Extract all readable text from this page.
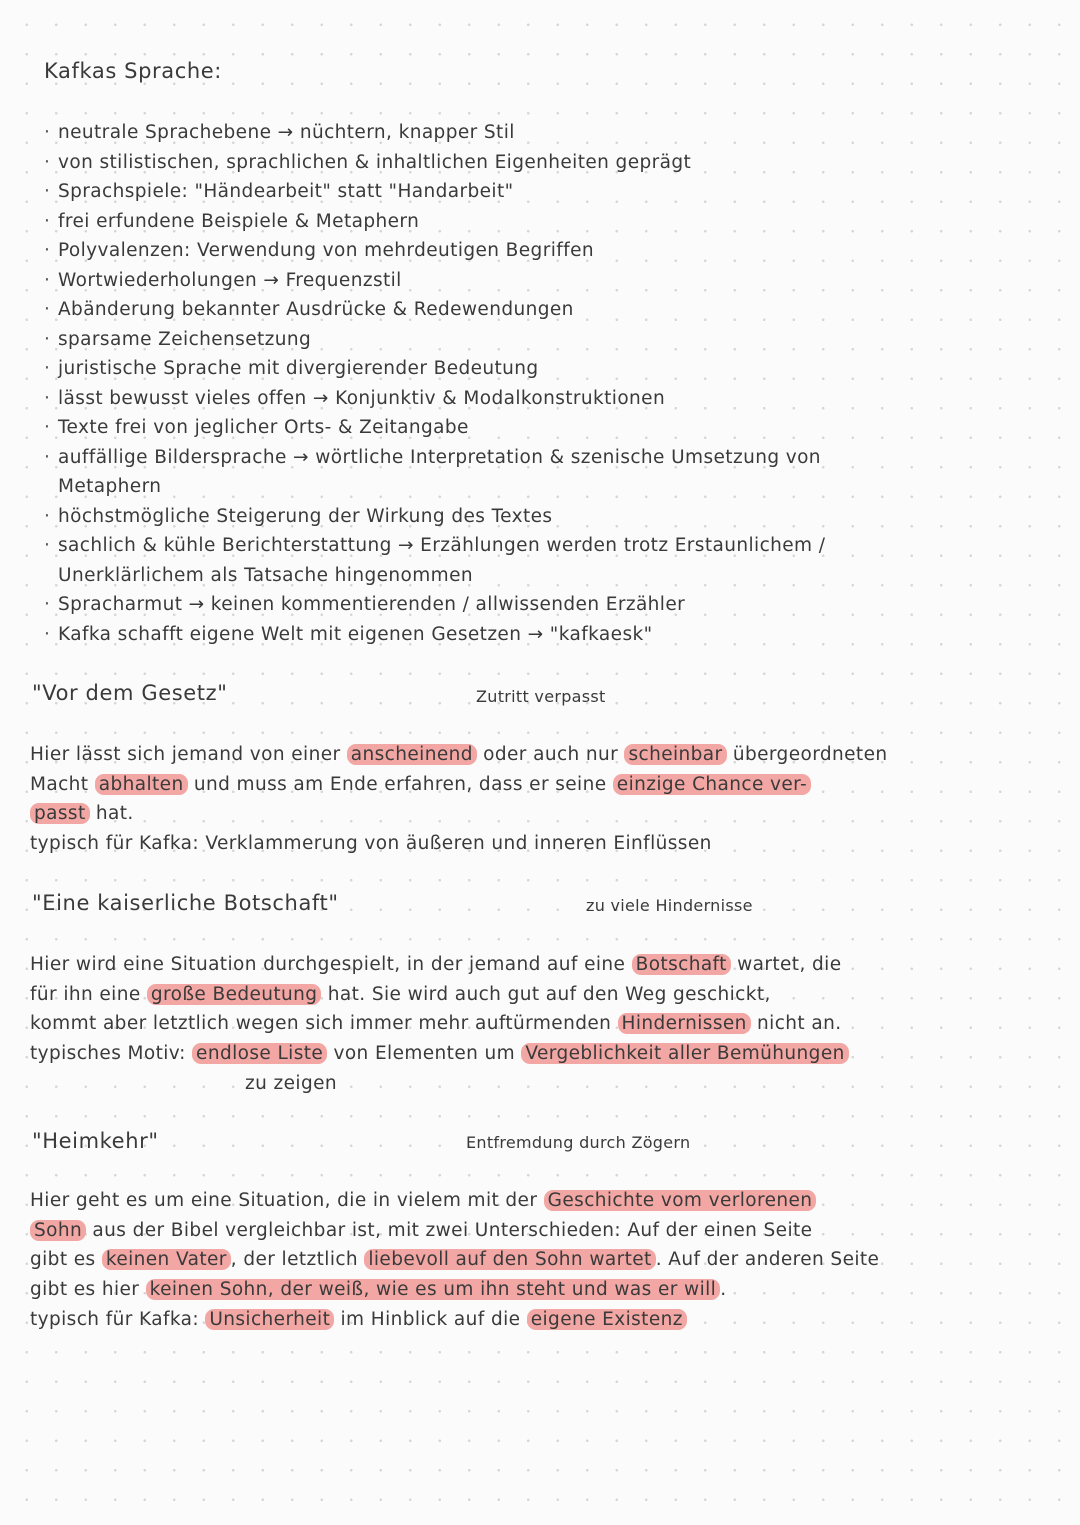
Kafkas Sprache:
· neutrale Sprachebene → nüchtern, knapper Stil
· von stilistischen, sprachlichen & inhaltlichen Eigenheiten geprägt
· Sprachspiele: "Händearbeit" statt "Handarbeit"
· frei erfundene Beispiele & Metaphern
· Polyvalenzen: Verwendung von mehrdeutigen Begriffen
· Wortwiederholungen → Frequenzstil
· Abänderung bekannter Ausdrücke & Redewendungen
· sparsame Zeichensetzung
· juristische Sprache mit divergierender Bedeutung
· lässt bewusst vieles offen → Konjunktiv & Modalkonstruktionen
· Texte frei von jeglicher Orts- & Zeitangabe
· auffällige Bildersprache → wörtliche Interpretation & szenische Umsetzung von
Metaphern
· höchstmögliche Steigerung der Wirkung des Textes
· sachlich & kühle Berichterstattung → Erzählungen werden trotz Erstaunlichem /
Unerklärlichem als Tatsache hingenommen
· Spracharmut → keinen kommentierenden / allwissenden Erzähler
· Kafka schafft eigene Welt mit eigenen Gesetzen → "kafkaesk"
"Vor dem Gesetz"	Zutritt verpasst
Hier lässt sich jemand von einer anscheinend oder auch nur scheinbar übergeordneten
Macht abhalten und muss am Ende erfahren, dass er seine einzige Chance ver-
passt hat.
typisch für Kafka: Verklammerung von äußeren und inneren Einflüssen
"Eine kaiserliche Botschaft"	zu viele Hindernisse
Hier wird eine Situation durchgespielt, in der jemand auf eine Botschaft wartet, die
für ihn eine große Bedeutung hat. Sie wird auch gut auf den Weg geschickt,
kommt aber letztlich wegen sich immer mehr auftürmenden Hindernissen nicht an.
typisches Motiv: endlose Liste von Elementen um Vergeblichkeit aller Bemühungen
zu zeigen
"Heimkehr"	Entfremdung durch Zögern
Hier geht es um eine Situation, die in vielem mit der Geschichte vom verlorenen
Sohn aus der Bibel vergleichbar ist, mit zwei Unterschieden: Auf der einen Seite
gibt es keinen Vater , der letztlich liebevoll auf den Sohn wartet . Auf der anderen Seite
gibt es hier keinen Sohn, der weiß, wie es um ihn steht und was er will .
typisch für Kafka: Unsicherheit im Hinblick auf die eigene Existenz
